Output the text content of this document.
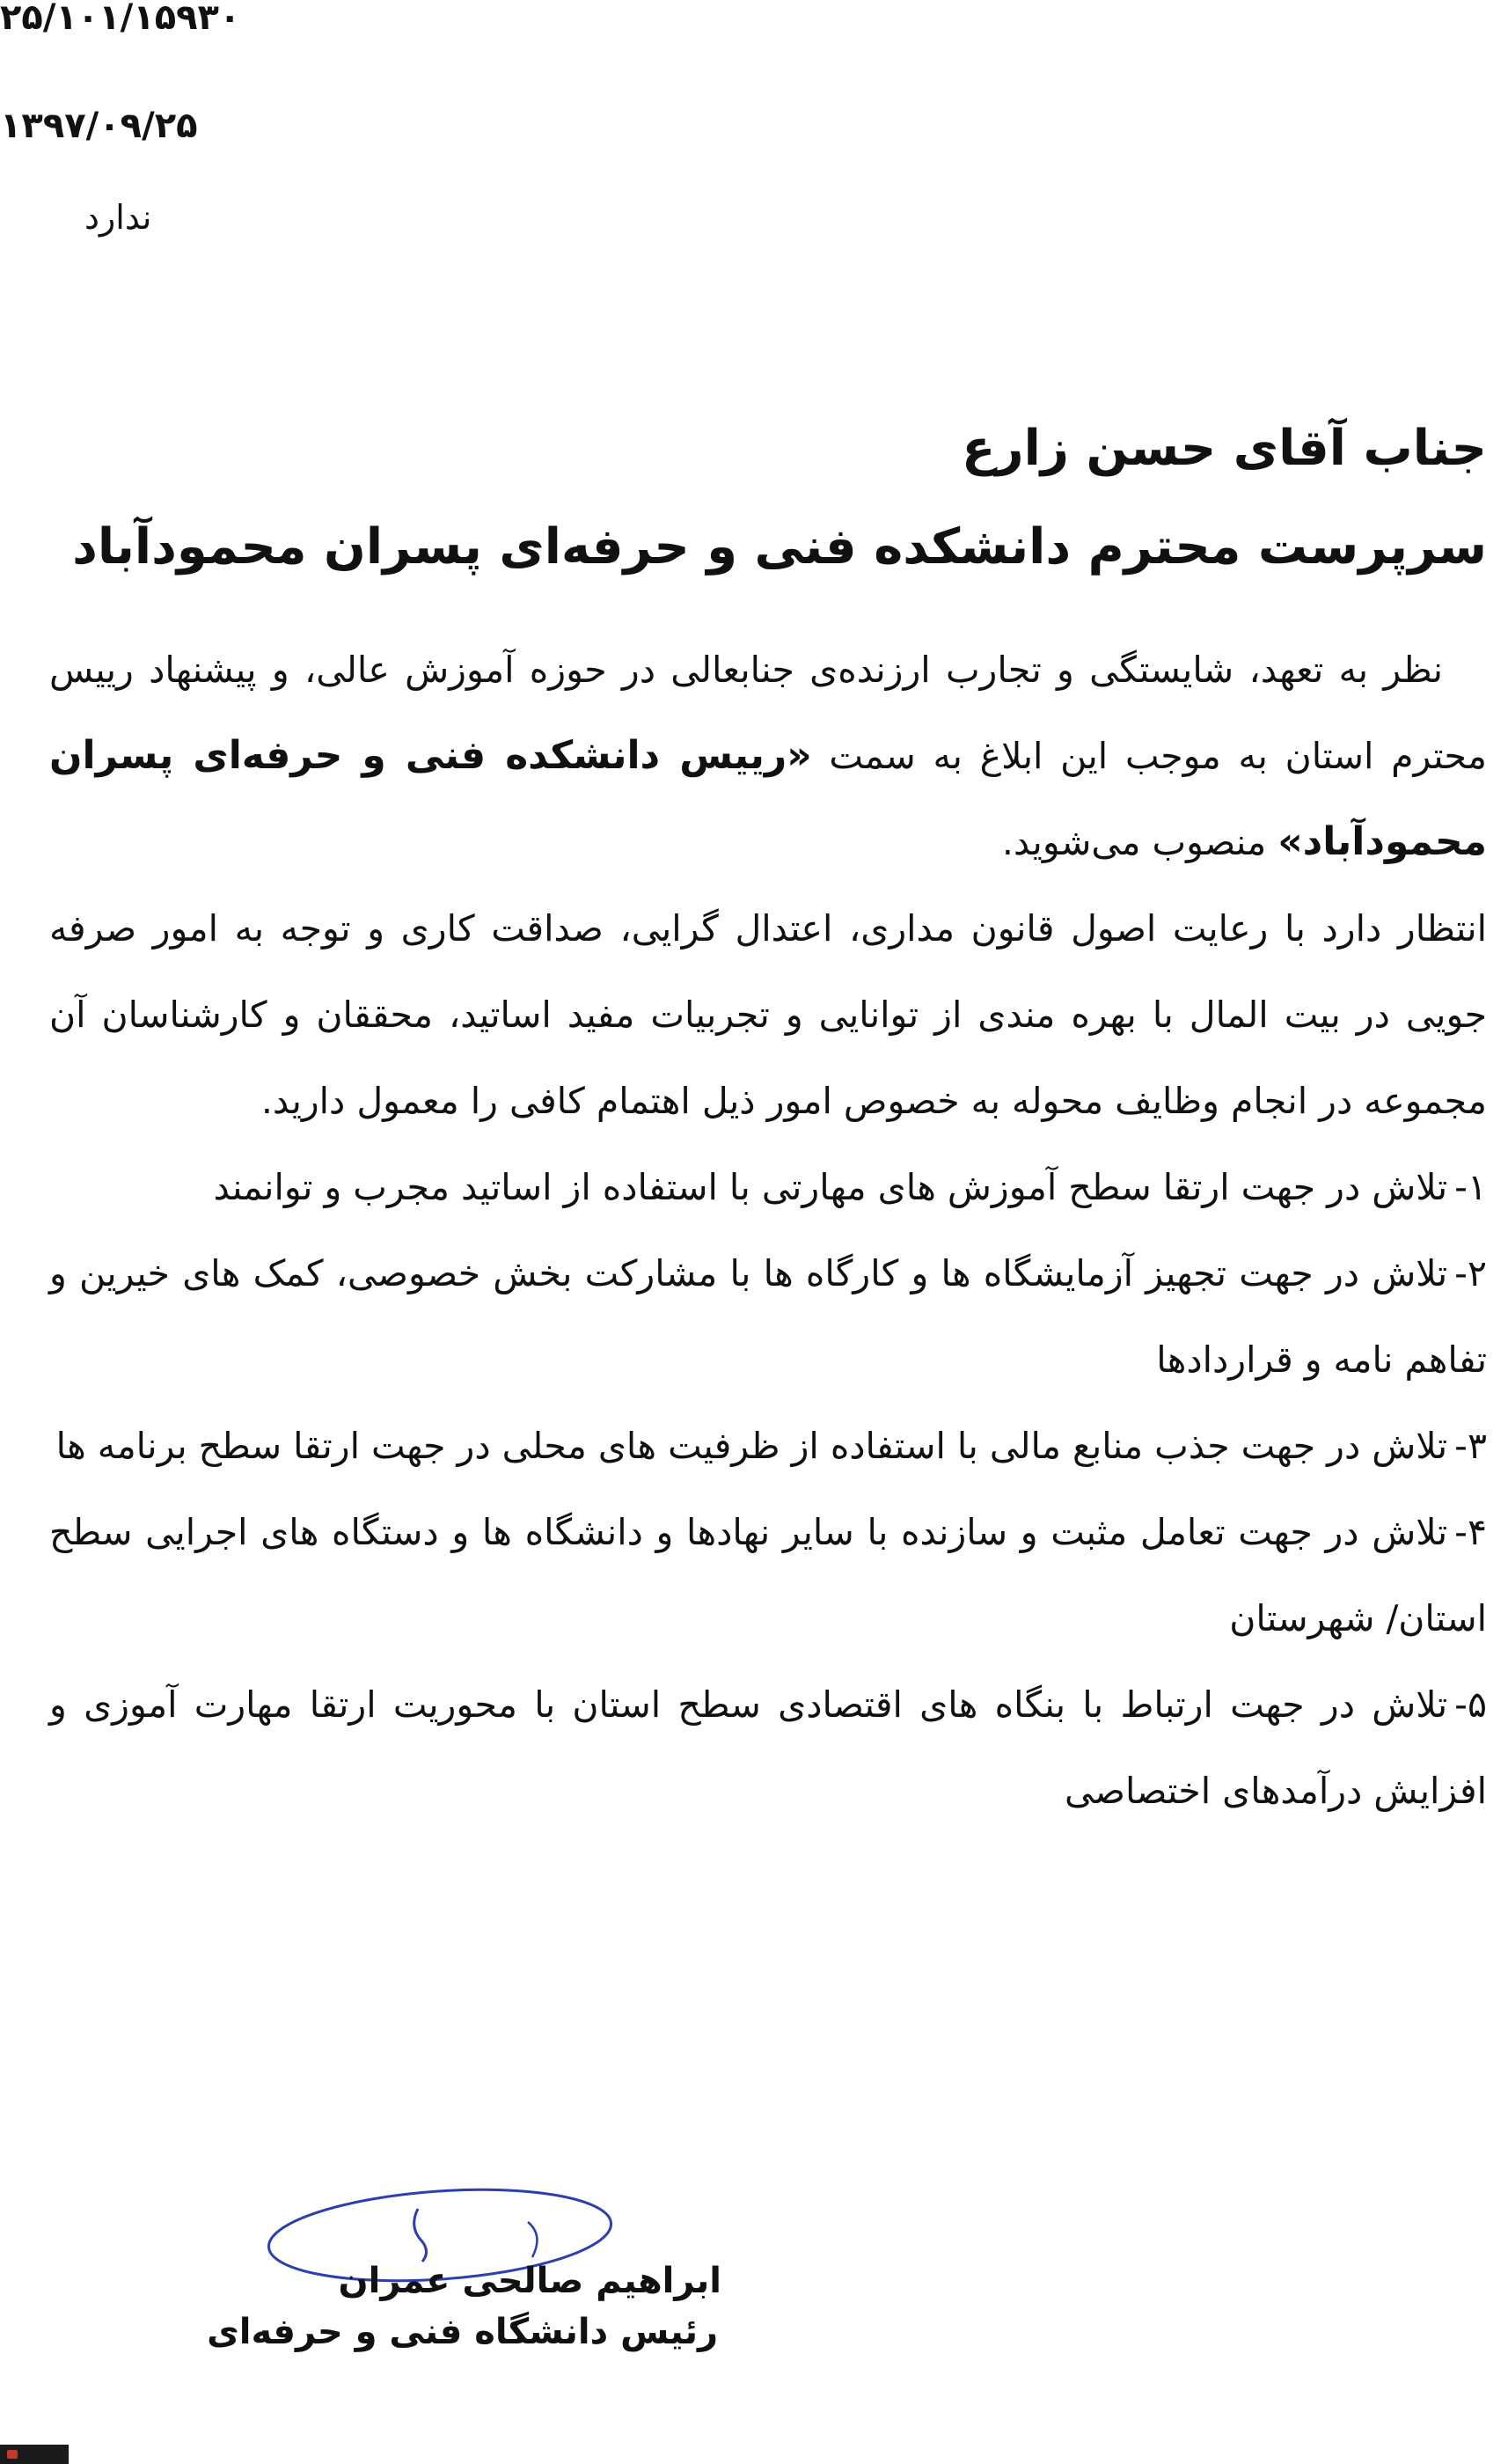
۲۵/۱۰۱/۱۵۹۳۰

۱۳۹۷/۰۹/۲۵

ندارد

جناب آقای حسن زارع
سرپرست محترم دانشکده فنی و حرفه‌ای پسران محمودآباد

نظر به تعهد، شایستگی و تجارب ارزنده‌ی جنابعالی در حوزه آموزش عالی، و پیشنهاد رییس محترم استان به موجب این ابلاغ به سمت «رییس دانشکده فنی و حرفه‌ای پسران محمودآباد» منصوب می‌شوید.

انتظار دارد با رعایت اصول قانون مداری، اعتدال گرایی، صداقت کاری و توجه به امور صرفه جویی در بیت المال با بهره مندی از توانایی و تجربیات مفید اساتید، محققان و کارشناسان آن مجموعه در انجام وظایف محوله به خصوص امور ذیل اهتمام کافی را معمول دارید.

۱-تلاش در جهت ارتقا سطح آموزش های مهارتی با استفاده از اساتید مجرب و توانمند

۲-تلاش در جهت تجهیز آزمایشگاه ها و کارگاه ها با مشارکت بخش خصوصی، کمک های خیرین و تفاهم نامه و قراردادها

۳-تلاش در جهت جذب منابع مالی با استفاده از ظرفیت های محلی در جهت ارتقا سطح برنامه ها

۴-تلاش در جهت تعامل مثبت و سازنده با سایر نهادها و دانشگاه ها و دستگاه های اجرایی سطح استان/ شهرستان

۵-تلاش در جهت ارتباط با بنگاه های اقتصادی سطح استان با محوریت ارتقا مهارت آموزی و افزایش درآمدهای اختصاصی

ابراهیم صالحی عمران

رئیس دانشگاه فنی و حرفه‌ای
